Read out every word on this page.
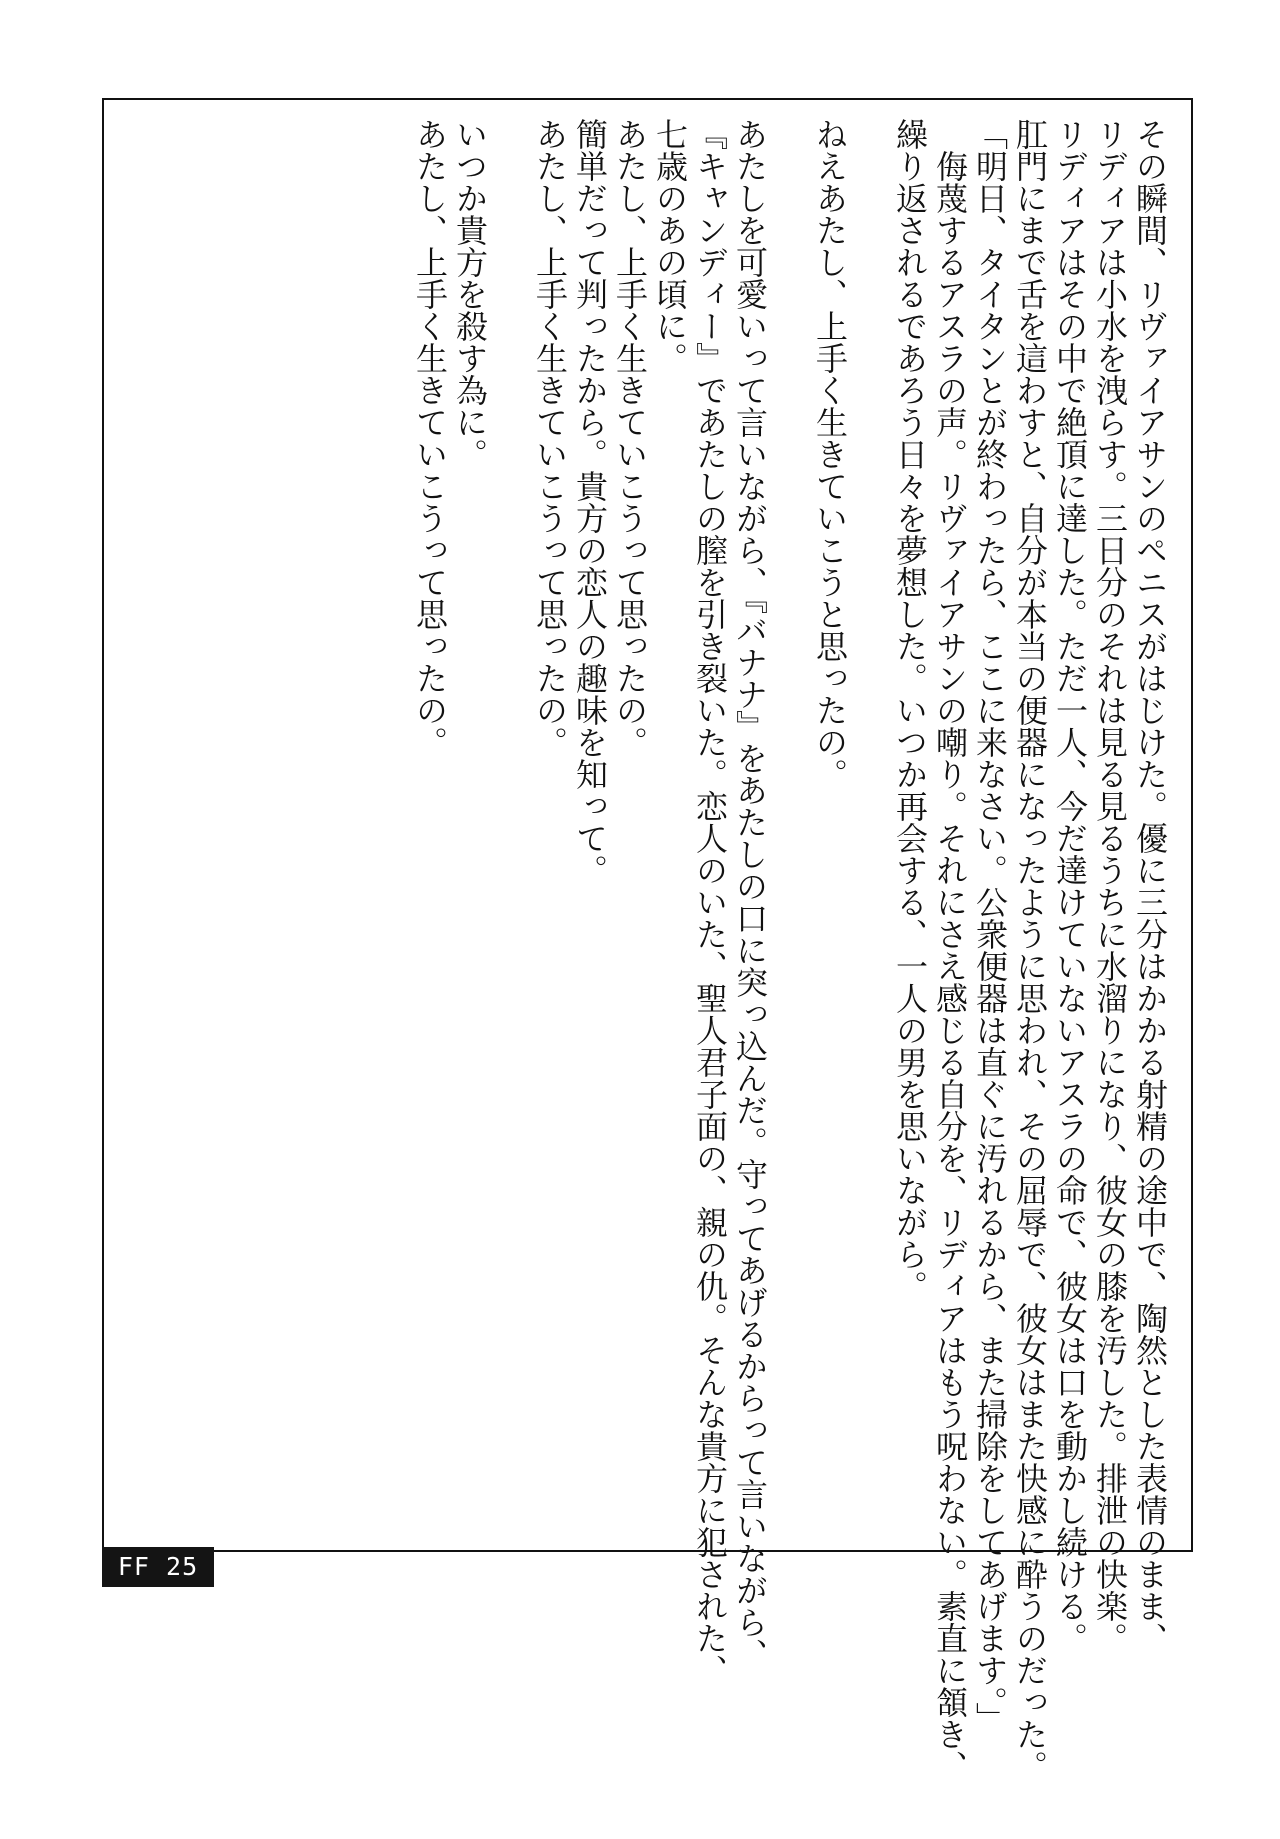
その瞬間、リヴァイアサンのペニスがはじけた。優に三分はかかる射精の途中で、陶然とした表情のまま、

リディアは小水を洩らす。三日分のそれは見る見るうちに水溜りになり、彼女の膝を汚した。排泄の快楽。

リディアはその中で絶頂に達した。ただ一人、今だ達けていないアスラの命で、彼女は口を動かし続ける。

肛門にまで舌を這わすと、自分が本当の便器になったように思われ、その屈辱で、彼女はまた快感に酔うのだった。

「明日、タイタンとが終わったら、ここに来なさい。公衆便器は直ぐに汚れるから、また掃除をしてあげます。」

侮蔑するアスラの声。リヴァイアサンの嘲り。それにさえ感じる自分を、リディアはもう呪わない。素直に頷き、

繰り返されるであろう日々を夢想した。いつか再会する、一人の男を思いながら。

ねえあたし、上手く生きていこうと思ったの。

あたしを可愛いって言いながら、『バナナ』をあたしの口に突っ込んだ。守ってあげるからって言いながら、

『キャンディー』であたしの膣を引き裂いた。恋人のいた、聖人君子面の、親の仇。そんな貴方に犯された、

七歳のあの頃に。

あたし、上手く生きていこうって思ったの。

簡単だって判ったから。貴方の恋人の趣味を知って。

あたし、上手く生きていこうって思ったの。

いつか貴方を殺す為に。

あたし、上手く生きていこうって思ったの。

FF 25
